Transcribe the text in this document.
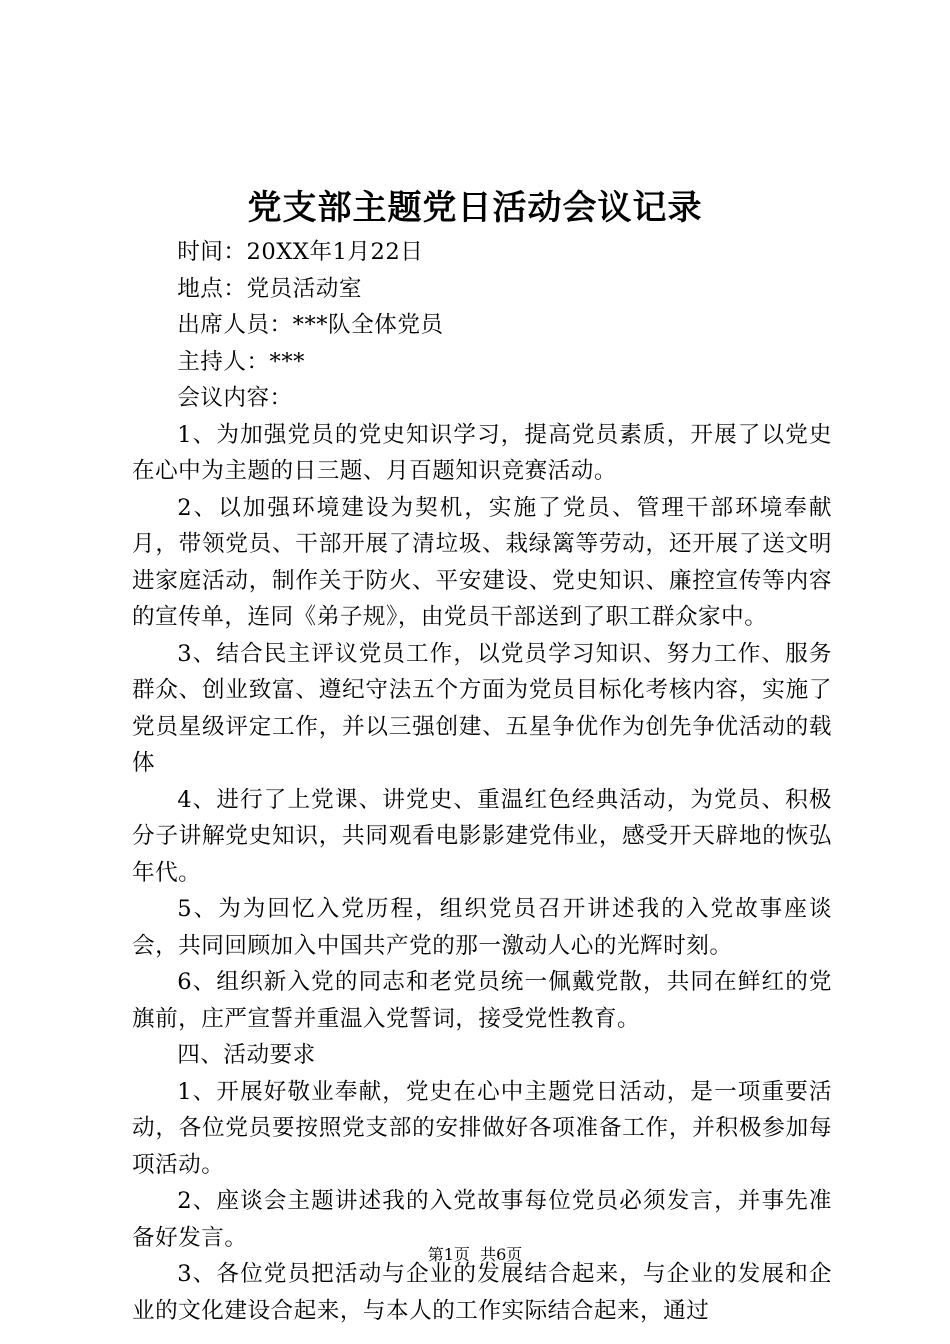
党支部主题党日活动会议记录

时间：20XX年1月22日

地点：党员活动室

出席人员：***队全体党员

主持人：***

会议内容：

1、为加强党员的党史知识学习，提高党员素质，开展了以党史在心中为主题的日三题、月百题知识竞赛活动。

2、以加强环境建设为契机，实施了党员、管理干部环境奉献月，带领党员、干部开展了清垃圾、栽绿篱等劳动，还开展了送文明进家庭活动，制作关于防火、平安建设、党史知识、廉控宣传等内容的宣传单，连同《弟子规》，由党员干部送到了职工群众家中。

3、结合民主评议党员工作，以党员学习知识、努力工作、服务群众、创业致富、遵纪守法五个方面为党员目标化考核内容，实施了党员星级评定工作，并以三强创建、五星争优作为创先争优活动的载体

4、进行了上党课、讲党史、重温红色经典活动，为党员、积极分子讲解党史知识，共同观看电影影建党伟业，感受开天辟地的恢弘年代。

5、为为回忆入党历程，组织党员召开讲述我的入党故事座谈会，共同回顾加入中国共产党的那一激动人心的光辉时刻。

6、组织新入党的同志和老党员统一佩戴党散，共同在鲜红的党旗前，庄严宣誓并重温入党誓词，接受党性教育。

四、活动要求

1、开展好敬业奉献，党史在心中主题党日活动，是一项重要活动，各位党员要按照党支部的安排做好各项准备工作，并积极参加每项活动。

2、座谈会主题讲述我的入党故事每位党员必须发言，并事先准备好发言。

3、各位党员把活动与企业的发展结合起来，与企业的发展和企业的文化建设合起来，与本人的工作实际结合起来，通过

第1页 共6页
